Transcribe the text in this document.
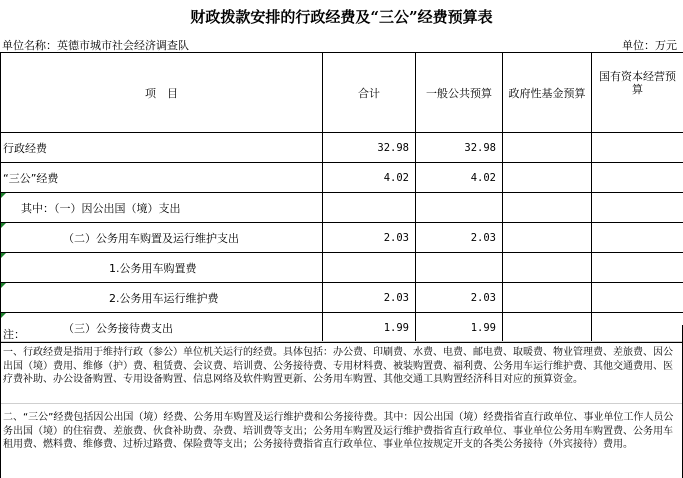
财政拨款安排的行政经费及“三公”经费预算表
单位名称：英德市城市社会经济调查队	单位：万元
项　目	合计	一般公共预算	政府性基金预算	国有资本经营预算
行政经费	32.98	32.98		
“三公”经费	4.02	4.02		

其中：（一）因公出国（境）支出				

（二）公务用车购置及运行维护支出	2.03	2.03		

1.公务用车购置费				

2.公务用车运行维护费	2.03	2.03		

（三）公务接待费支出	1.99	1.99		
注：
一、行政经费是指用于维持行政（参公）单位机关运行的经费。具体包括：办公费、印刷费、水费、电费、邮电费、取暖费、物业管理费、差旅费、因公出国（境）费用、维修（护）费、租赁费、会议费、培训费、公务接待费、专用材料费、被装购置费、福利费、公务用车运行维护费、其他交通费用、医疗费补助、办公设备购置、专用设备购置、信息网络及软件购置更新、公务用车购置、其他交通工具购置经济科目对应的预算资金。
二、“三公”经费包括因公出国（境）经费、公务用车购置及运行维护费和公务接待费。其中：因公出国（境）经费指省直行政单位、事业单位工作人员公务出国（境）的住宿费、差旅费、伙食补助费、杂费、培训费等支出；公务用车购置及运行维护费指省直行政单位、事业单位公务用车购置费、公务用车租用费、燃料费、维修费、过桥过路费、保险费等支出；公务接待费指省直行政单位、事业单位按规定开支的各类公务接待（外宾接待）费用。
